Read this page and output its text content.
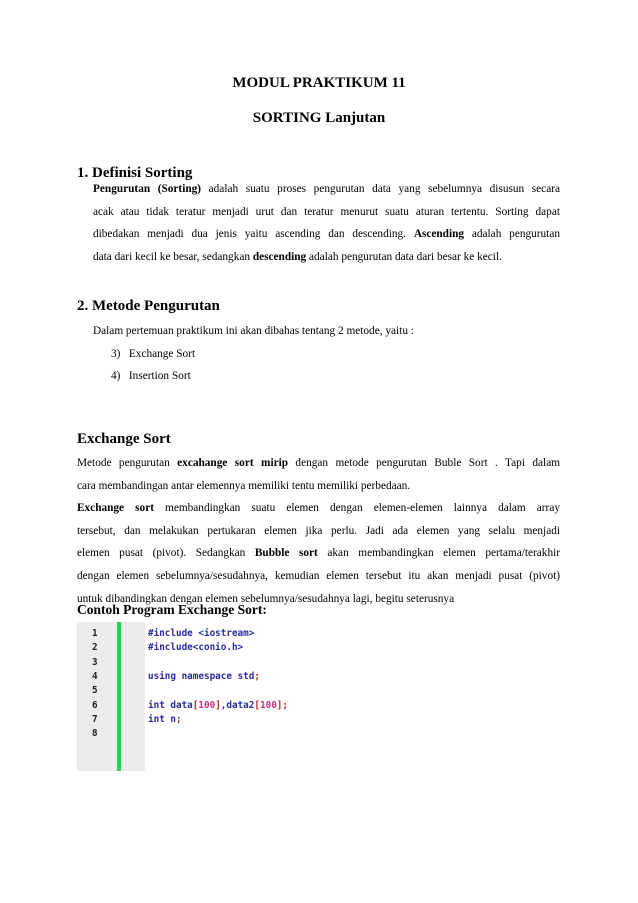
MODUL PRAKTIKUM 11
SORTING Lanjutan
1. Definisi Sorting
Pengurutan (Sorting) adalah suatu proses pengurutan data yang sebelumnya disusun secara
acak atau tidak teratur menjadi urut dan teratur menurut suatu aturan tertentu. Sorting dapat
dibedakan menjadi dua jenis yaitu ascending dan descending. Ascending adalah pengurutan
data dari kecil ke besar, sedangkan descending adalah pengurutan data dari besar ke kecil.
2. Metode Pengurutan
Dalam pertemuan praktikum ini akan dibahas tentang 2 metode, yaitu :
3) Exchange Sort
4) Insertion Sort
Exchange Sort
Metode pengurutan excahange sort mirip dengan metode pengurutan Buble Sort . Tapi dalam
cara membandingan antar elemennya memiliki tentu memiliki perbedaan.
Exchange sort membandingkan suatu elemen dengan elemen-elemen lainnya dalam array
tersebut, dan melakukan pertukaran elemen jika perlu. Jadi ada elemen yang selalu menjadi
elemen pusat (pivot). Sedangkan Bubble sort akan membandingkan elemen pertama/terakhir
dengan elemen sebelumnya/sesudahnya, kemudian elemen tersebut itu akan menjadi pusat (pivot)
untuk dibandingkan dengan elemen sebelumnya/sesudahnya lagi, begitu seterusnya
Contoh Program Exchange Sort:
1	#include <iostream>
2	#include<conio.h>
3
4	using namespace std;
5
6	int data[100],data2[100];
7	int n;
8
